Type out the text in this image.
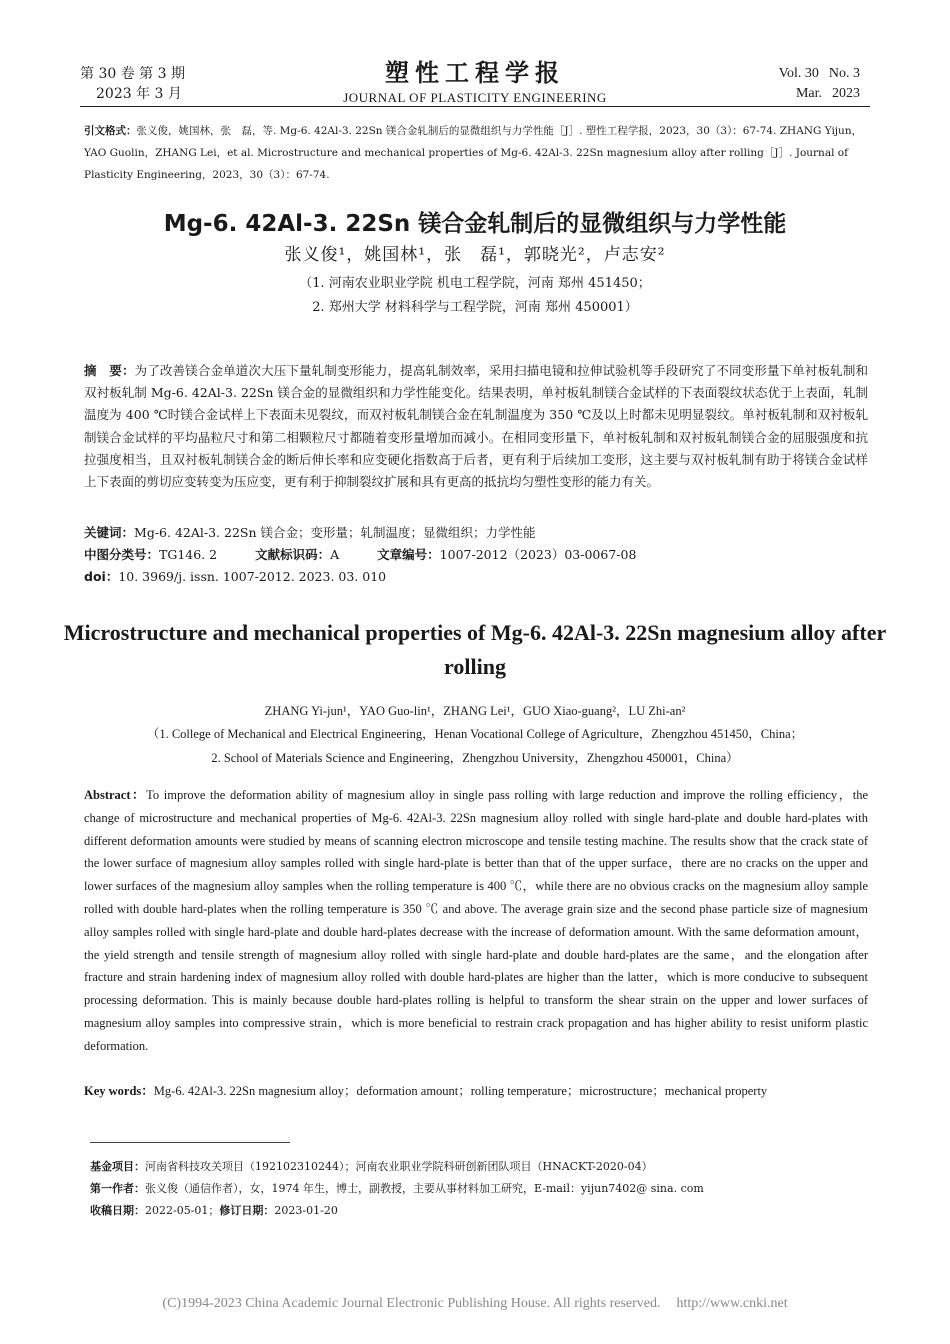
第 30 卷 第 3 期
2023 年 3 月
塑性工程学报
JOURNAL OF PLASTICITY ENGINEERING
Vol. 30 No. 3
Mar. 2023
引文格式：张义俊，姚国林，张　磊，等. Mg-6. 42Al-3. 22Sn 镁合金轧制后的显微组织与力学性能［J］. 塑性工程学报，2023，30（3）：67-74. ZHANG Yijun，YAO Guolin，ZHANG Lei，et al. Microstructure and mechanical properties of Mg-6. 42Al-3. 22Sn magnesium alloy after rolling［J］. Journal of Plasticity Engineering，2023，30（3）：67-74.
Mg-6. 42Al-3. 22Sn 镁合金轧制后的显微组织与力学性能
张义俊¹，姚国林¹，张　磊¹，郭晓光²，卢志安²
（1. 河南农业职业学院 机电工程学院，河南 郑州 451450；
2. 郑州大学 材料科学与工程学院，河南 郑州 450001）
摘　要：为了改善镁合金单道次大压下量轧制变形能力，提高轧制效率，采用扫描电镜和拉伸试验机等手段研究了不同变形量下单衬板轧制和双衬板轧制 Mg-6. 42Al-3. 22Sn 镁合金的显微组织和力学性能变化。结果表明，单衬板轧制镁合金试样的下表面裂纹状态优于上表面，轧制温度为 400 ℃时镁合金试样上下表面未见裂纹，而双衬板轧制镁合金在轧制温度为 350 ℃及以上时都未见明显裂纹。单衬板轧制和双衬板轧制镁合金试样的平均晶粒尺寸和第二相颗粒尺寸都随着变形量增加而减小。在相同变形量下，单衬板轧制和双衬板轧制镁合金的屈服强度和抗拉强度相当，且双衬板轧制镁合金的断后伸长率和应变硬化指数高于后者，更有利于后续加工变形，这主要与双衬板轧制有助于将镁合金试样上下表面的剪切应变转变为压应变，更有利于抑制裂纹扩展和具有更高的抵抗均匀塑性变形的能力有关。
关键词：Mg-6. 42Al-3. 22Sn 镁合金；变形量；轧制温度；显微组织；力学性能
中图分类号：TG146. 2	文献标识码：A	文章编号：1007-2012（2023）03-0067-08
doi：10. 3969/j. issn. 1007-2012. 2023. 03. 010
Microstructure and mechanical properties of Mg-6. 42Al-3. 22Sn magnesium alloy after rolling
ZHANG Yi-jun¹，YAO Guo-lin¹，ZHANG Lei¹，GUO Xiao-guang²，LU Zhi-an²
（1. College of Mechanical and Electrical Engineering，Henan Vocational College of Agriculture，Zhengzhou 451450，China；
2. School of Materials Science and Engineering，Zhengzhou University，Zhengzhou 450001，China）
Abstract：To improve the deformation ability of magnesium alloy in single pass rolling with large reduction and improve the rolling efficiency，the change of microstructure and mechanical properties of Mg-6. 42Al-3. 22Sn magnesium alloy rolled with single hard-plate and double hard-plates with different deformation amounts were studied by means of scanning electron microscope and tensile testing machine. The results show that the crack state of the lower surface of magnesium alloy samples rolled with single hard-plate is better than that of the upper surface，there are no cracks on the upper and lower surfaces of the magnesium alloy samples when the rolling temperature is 400 ℃，while there are no obvious cracks on the magnesium alloy sample rolled with double hard-plates when the rolling temperature is 350 ℃ and above. The average grain size and the second phase particle size of magnesium alloy samples rolled with single hard-plate and double hard-plates decrease with the increase of deformation amount. With the same deformation amount，the yield strength and tensile strength of magnesium alloy rolled with single hard-plate and double hard-plates are the same，and the elongation after fracture and strain hardening index of magnesium alloy rolled with double hard-plates are higher than the latter，which is more conducive to subsequent processing deformation. This is mainly because double hard-plates rolling is helpful to transform the shear strain on the upper and lower surfaces of magnesium alloy samples into compressive strain，which is more beneficial to restrain crack propagation and has higher ability to resist uniform plastic deformation.
Key words：Mg-6. 42Al-3. 22Sn magnesium alloy；deformation amount；rolling temperature；microstructure；mechanical property
基金项目：河南省科技攻关项目（192102310244）；河南农业职业学院科研创新团队项目（HNACKT-2020-04）
第一作者：张义俊（通信作者），女，1974 年生，博士，副教授，主要从事材料加工研究，E-mail：yijun7402@ sina. com
收稿日期：2022-05-01；修订日期：2023-01-20
(C)1994-2023 China Academic Journal Electronic Publishing House. All rights reserved. http://www.cnki.net
